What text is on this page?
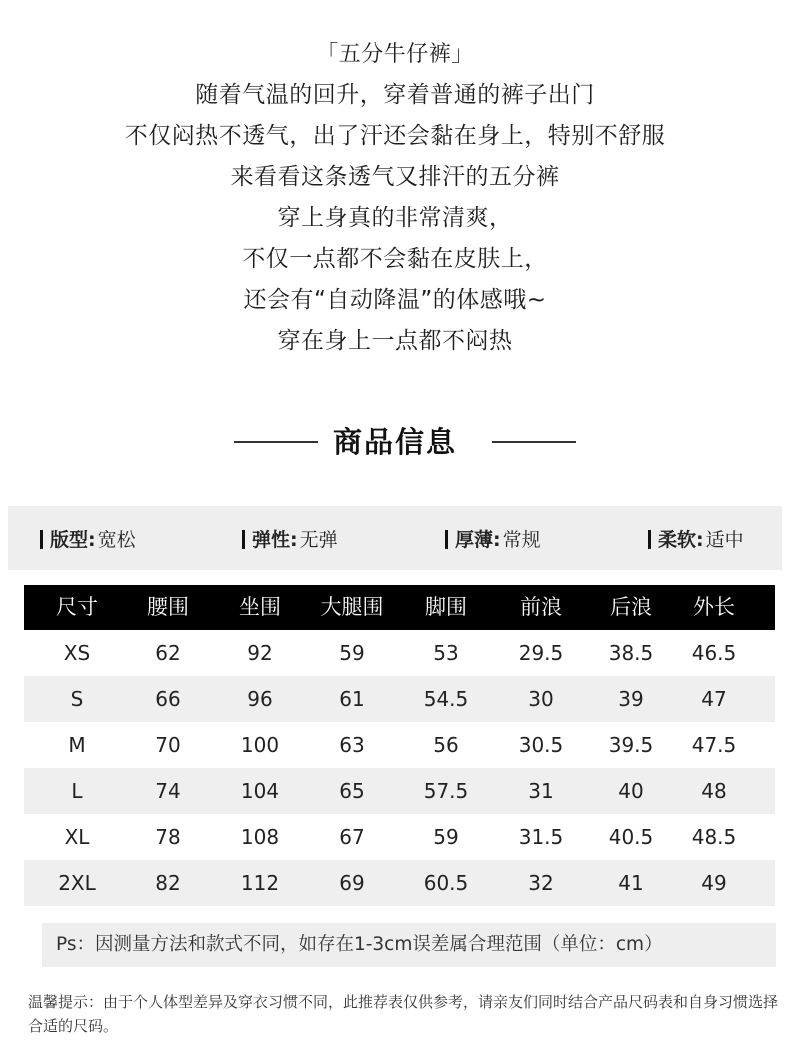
「五分牛仔裤」
随着气温的回升，穿着普通的裤子出门
不仅闷热不透气，出了汗还会黏在身上，特别不舒服
来看看这条透气又排汗的五分裤
穿上身真的非常清爽，
不仅一点都不会黏在皮肤上，
还会有“自动降温”的体感哦~
穿在身上一点都不闷热
商品信息
版型: 宽松	弹性: 无弹	厚薄: 常规	柔软: 适中
尺寸	腰围	坐围	大腿围	脚围	前浪	后浪	外长
XS	62	92	59	53	29.5	38.5	46.5
S	66	96	61	54.5	30	39	47
M	70	100	63	56	30.5	39.5	47.5
L	74	104	65	57.5	31	40	48
XL	78	108	67	59	31.5	40.5	48.5
2XL	82	112	69	60.5	32	41	49
Ps：因测量方法和款式不同，如存在1-3cm误差属合理范围（单位：cm）
温馨提示：由于个人体型差异及穿衣习惯不同，此推荐表仅供参考，请亲友们同时结合产品尺码表和自身习惯选择合适的尺码。
